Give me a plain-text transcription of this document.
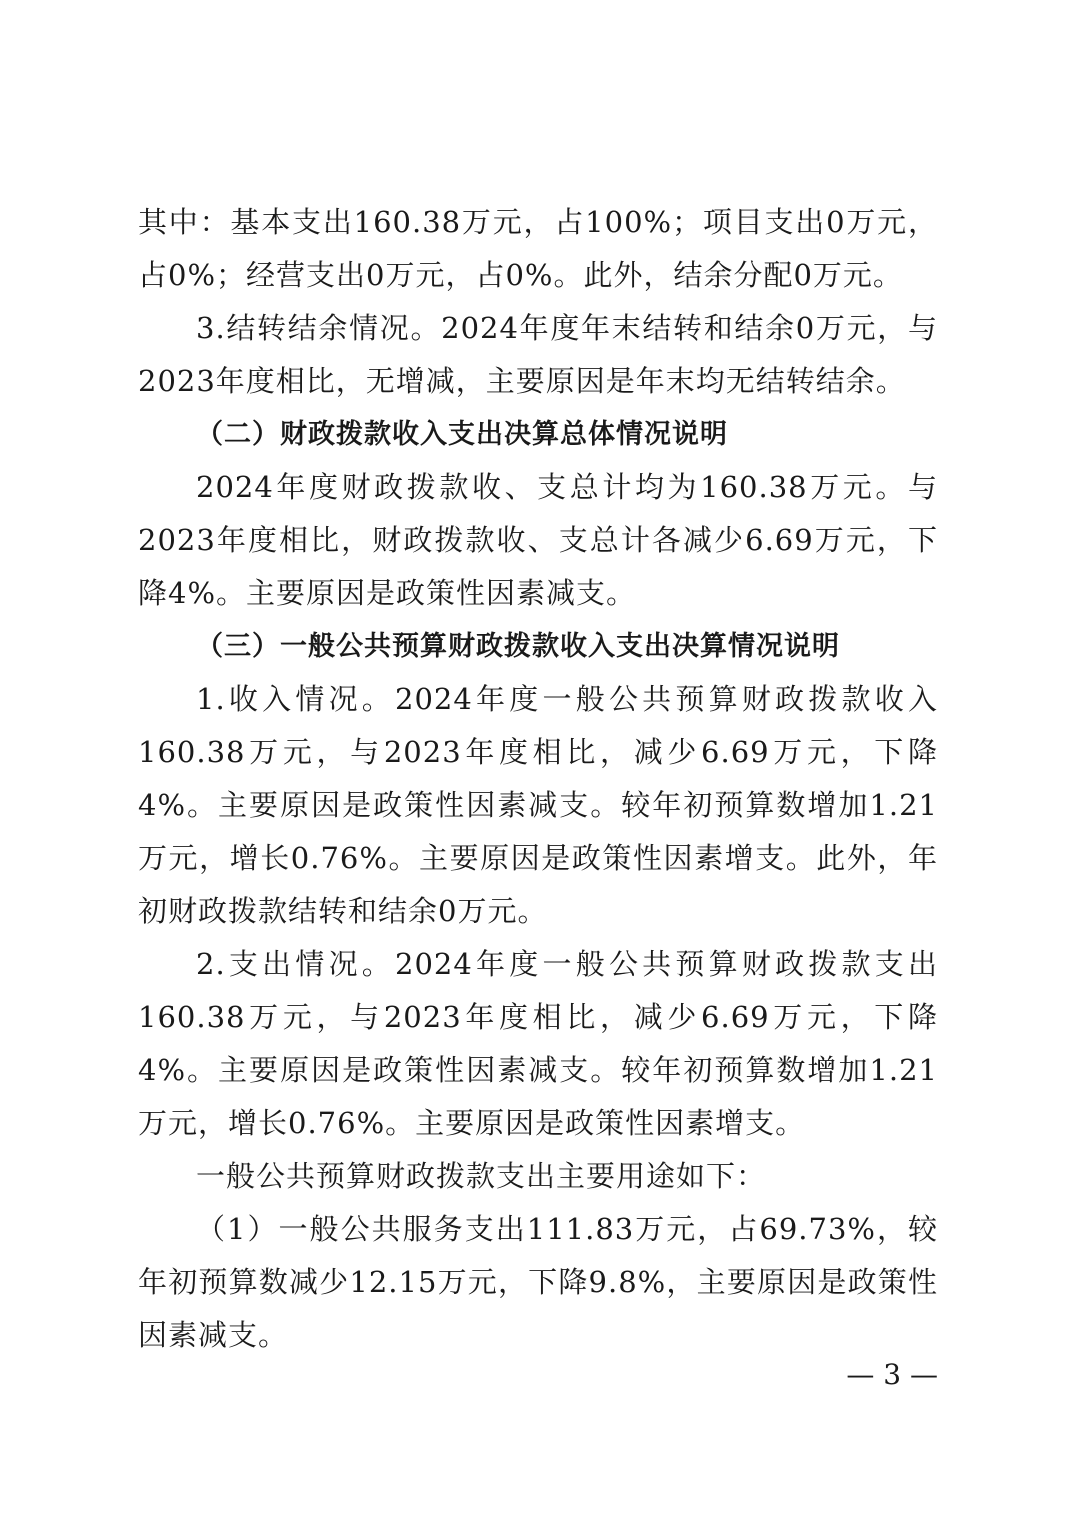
其中：基本支出160.38万元，占100%；项目支出0万元，占0%；经营支出0万元，占0%。此外，结余分配0万元。

3.结转结余情况。2024年度年末结转和结余0万元，与2023年度相比，无增减，主要原因是年末均无结转结余。

（二）财政拨款收入支出决算总体情况说明

2024年度财政拨款收、支总计均为160.38万元。与2023年度相比，财政拨款收、支总计各减少6.69万元，下降4%。主要原因是政策性因素减支。

（三）一般公共预算财政拨款收入支出决算情况说明

1.收入情况。2024年度一般公共预算财政拨款收入160.38万元，与2023年度相比，减少6.69万元，下降4%。主要原因是政策性因素减支。较年初预算数增加1.21万元，增长0.76%。主要原因是政策性因素增支。此外，年初财政拨款结转和结余0万元。

2.支出情况。2024年度一般公共预算财政拨款支出160.38万元，与2023年度相比，减少6.69万元，下降4%。主要原因是政策性因素减支。较年初预算数增加1.21万元，增长0.76%。主要原因是政策性因素增支。

一般公共预算财政拨款支出主要用途如下：

（1）一般公共服务支出111.83万元，占69.73%，较年初预算数减少12.15万元，下降9.8%，主要原因是政策性因素减支。

— 3 —
